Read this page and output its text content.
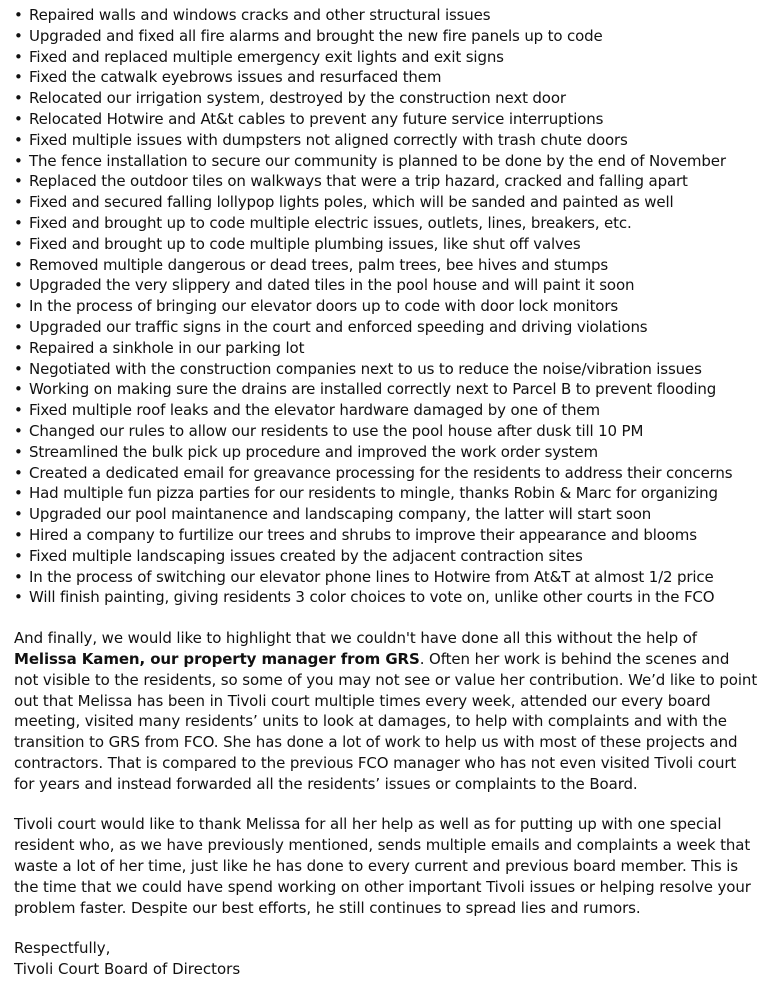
• Repaired walls and windows cracks and other structural issues
• Upgraded and fixed all fire alarms and brought the new fire panels up to code
• Fixed and replaced multiple emergency exit lights and exit signs
• Fixed the catwalk eyebrows issues and resurfaced them
• Relocated our irrigation system, destroyed by the construction next door
• Relocated Hotwire and At&t cables to prevent any future service interruptions
• Fixed multiple issues with dumpsters not aligned correctly with trash chute doors
• The fence installation to secure our community is planned to be done by the end of November
• Replaced the outdoor tiles on walkways that were a trip hazard, cracked and falling apart
• Fixed and secured falling lollypop lights poles, which will be sanded and painted as well
• Fixed and brought up to code multiple electric issues, outlets, lines, breakers, etc.
• Fixed and brought up to code multiple plumbing issues, like shut off valves
• Removed multiple dangerous or dead trees, palm trees, bee hives and stumps
• Upgraded the very slippery and dated tiles in the pool house and will paint it soon
• In the process of bringing our elevator doors up to code with door lock monitors
• Upgraded our traffic signs in the court and enforced speeding and driving violations
• Repaired a sinkhole in our parking lot
• Negotiated with the construction companies next to us to reduce the noise/vibration issues
• Working on making sure the drains are installed correctly next to Parcel B to prevent flooding
• Fixed multiple roof leaks and the elevator hardware damaged by one of them
• Changed our rules to allow our residents to use the pool house after dusk till 10 PM
• Streamlined the bulk pick up procedure and improved the work order system
• Created a dedicated email for greavance processing for the residents to address their concerns
• Had multiple fun pizza parties for our residents to mingle, thanks Robin & Marc for organizing
• Upgraded our pool maintanence and landscaping company, the latter will start soon
• Hired a company to furtilize our trees and shrubs to improve their appearance and blooms
• Fixed multiple landscaping issues created by the adjacent contraction sites
• In the process of switching our elevator phone lines to Hotwire from At&T at almost 1/2 price
• Will finish painting, giving residents 3 color choices to vote on, unlike other courts in the FCO

And finally, we would like to highlight that we couldn't have done all this without the help of
Melissa Kamen, our property manager from GRS. Often her work is behind the scenes and not visible to the residents, so some of you may not see or value her contribution. We’d like to point out that Melissa has been in Tivoli court multiple times every week, attended our every board meeting, visited many residents’ units to look at damages, to help with complaints and with the transition to GRS from FCO. She has done a lot of work to help us with most of these projects and contractors. That is compared to the previous FCO manager who has not even visited Tivoli court for years and instead forwarded all the residents’ issues or complaints to the Board.

Tivoli court would like to thank Melissa for all her help as well as for putting up with one special resident who, as we have previously mentioned, sends multiple emails and complaints a week that waste a lot of her time, just like he has done to every current and previous board member. This is the time that we could have spend working on other important Tivoli issues or helping resolve your problem faster. Despite our best efforts, he still continues to spread lies and rumors.

Respectfully,
Tivoli Court Board of Directors
